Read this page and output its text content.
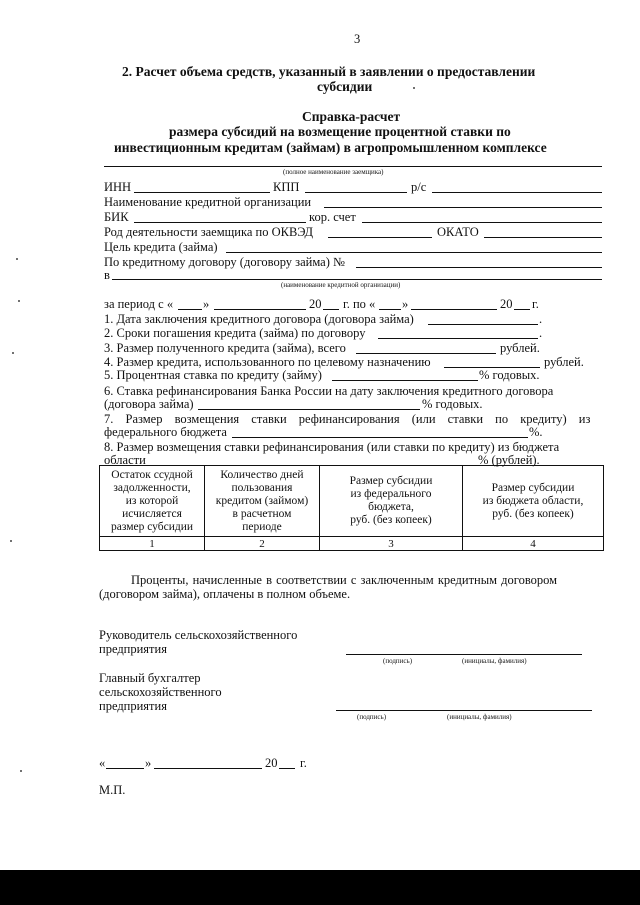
3
2. Расчет объема средств, указанный в заявлении о предоставлении
субсидии
Справка-расчет
размера субсидий на возмещение процентной ставки по
инвестиционным кредитам (займам) в агропромышленном комплексе
(полное наименование заемщика)
ИНН	КПП	р/с
Наименование кредитной организации
БИК	кор. счет
Род деятельности заемщика по ОКВЭД	ОКАТО
Цель кредита (займа)
По кредитному договору (договору займа) №
в
(наименование кредитной организации)
за период с « »	20 г. по « »	20 г.
1. Дата заключения кредитного договора (договора займа)	.
2. Сроки погашения кредита (займа) по договору	.
3. Размер полученного кредита (займа), всего	рублей.
4. Размер кредита, использованного по целевому назначению	рублей.
5. Процентная ставка по кредиту (займу)	% годовых.
6. Ставка рефинансирования Банка России на дату заключения кредитного договора
(договора займа)	% годовых.
7. Размер возмещения ставки рефинансирования (или ставки по кредиту) из
федерального бюджета	%.
8. Размер возмещения ставки рефинансирования (или ставки по кредиту) из бюджета
области	% (рублей).
Остаток ссудной
задолженности,
из которой
исчисляется
размер субсидии	Количество дней
пользования
кредитом (займом)
в расчетном
периоде	Размер субсидии
из федерального
бюджета,
руб. (без копеек)	Размер субсидии
из бюджета области,
руб. (без копеек)
1	2	3	4
Проценты, начисленные в соответствии с заключенным кредитным договором
(договором займа), оплачены в полном объеме.
Руководитель сельскохозяйственного
предприятия
(подпись)	(инициалы, фамилия)
Главный бухгалтер
сельскохозяйственного
предприятия
(подпись)	(инициалы, фамилия)
«	»	20 г.
М.П.
